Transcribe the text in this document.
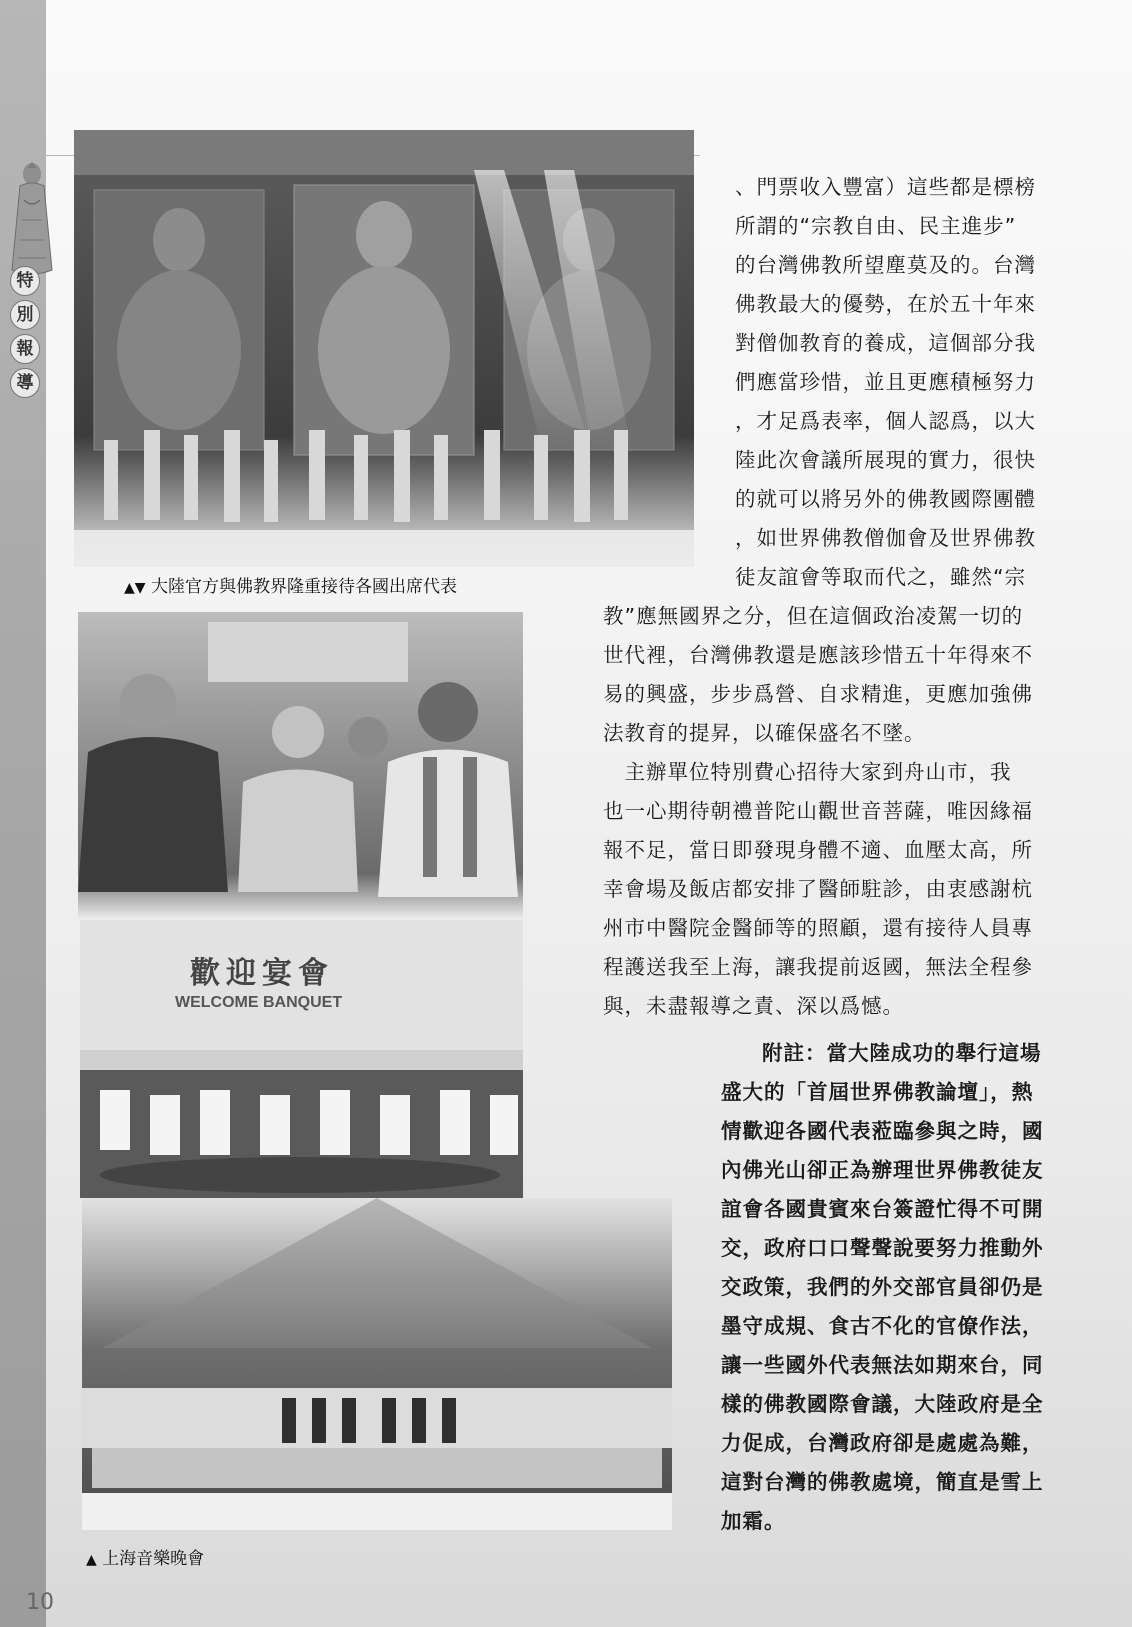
特
別
報
導
▲▼ 大陸官方與佛教界隆重接待各國出席代表
歡迎宴會
WELCOME BANQUET
▲ 上海音樂晚會
、門票收入豐富）這些都是標榜
所謂的“宗教自由、民主進步”
的台灣佛教所望塵莫及的。台灣
佛教最大的優勢，在於五十年來
對僧伽教育的養成，這個部分我
們應當珍惜，並且更應積極努力
，才足爲表率，個人認爲，以大
陸此次會議所展現的實力，很快
的就可以將另外的佛教國際團體
，如世界佛教僧伽會及世界佛教
徒友誼會等取而代之，雖然“宗
教”應無國界之分，但在這個政治凌駕一切的
世代裡，台灣佛教還是應該珍惜五十年得來不
易的興盛，步步爲營、自求精進，更應加強佛
法教育的提昇，以確保盛名不墜。
　主辦單位特別費心招待大家到舟山市，我
也一心期待朝禮普陀山觀世音菩薩，唯因緣福
報不足，當日即發現身體不適、血壓太高，所
幸會場及飯店都安排了醫師駐診，由衷感謝杭
州市中醫院金醫師等的照顧，還有接待人員專
程護送我至上海，讓我提前返國，無法全程參
與，未盡報導之責、深以爲憾。
附註：當大陸成功的舉行這場
盛大的「首屆世界佛教論壇」，熱
情歡迎各國代表蒞臨參與之時，國
內佛光山卻正為辦理世界佛教徒友
誼會各國貴賓來台簽證忙得不可開
交，政府口口聲聲說要努力推動外
交政策，我們的外交部官員卻仍是
墨守成規、食古不化的官僚作法，
讓一些國外代表無法如期來台，同
樣的佛教國際會議，大陸政府是全
力促成，台灣政府卻是處處為難，
這對台灣的佛教處境，簡直是雪上
加霜。
10
